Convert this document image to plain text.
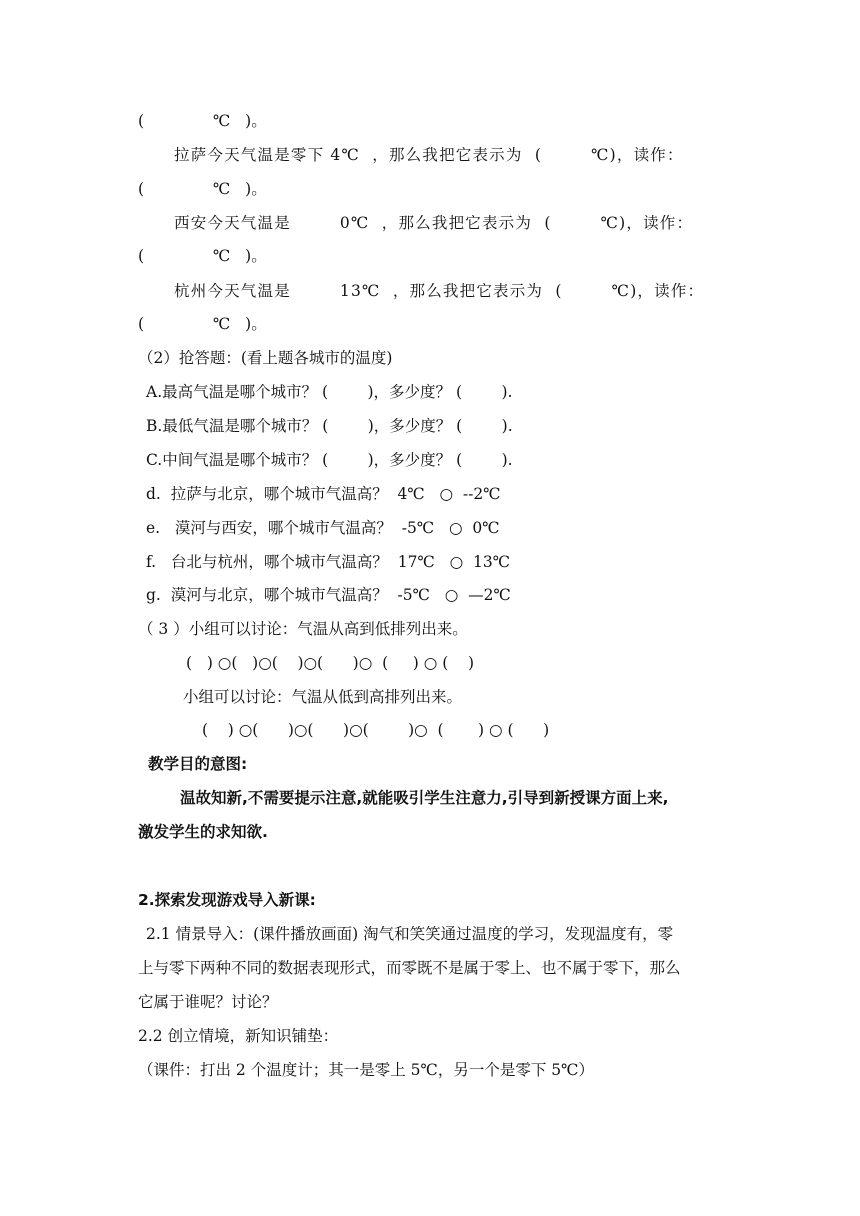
(              ℃   )。
拉萨今天气温是零下 4℃  ，那么我把它表示为  (        ℃)，读作：
(              ℃   )。
西安今天气温是        0℃  ，那么我把它表示为  (        ℃)，读作：
(              ℃   )。
杭州今天气温是        13℃  ，那么我把它表示为  (        ℃)，读作：
(              ℃   )。
（2）抢答题：(看上题各城市的温度)
A.最高气温是哪个城市？ (        )，多少度？ (        ).
B.最低气温是哪个城市？ (        )，多少度？ (        ).
C.中间气温是哪个城市？ (        )，多少度？ (        ).
d.  拉萨与北京，哪个城市气温高？  4℃   ○  --2℃
e.   漠河与西安，哪个城市气温高？  -5℃   ○  0℃
f.   台北与杭州，哪个城市气温高？  17℃   ○  13℃
g.  漠河与北京，哪个城市气温高？  -5℃   ○  —2℃
（ 3 ）小组可以讨论：气温从高到低排列出来。
(   ) ○(   )○(    )○(      )○  (     ) ○ (    )
小组可以讨论：气温从低到高排列出来。
(    ) ○(      )○(      )○(        )○  (       ) ○ (      )
教学目的意图:
温故知新,不需要提示注意,就能吸引学生注意力,引导到新授课方面上来,
激发学生的求知欲.
2.探索发现游戏导入新课:
2.1 情景导入：(课件播放画面) 淘气和笑笑通过温度的学习，发现温度有，零
上与零下两种不同的数据表现形式，而零既不是属于零上、也不属于零下，那么
它属于谁呢？讨论？
2.2 创立情境，新知识铺垫：
（课件：打出 2 个温度计；其一是零上 5℃，另一个是零下 5℃）
